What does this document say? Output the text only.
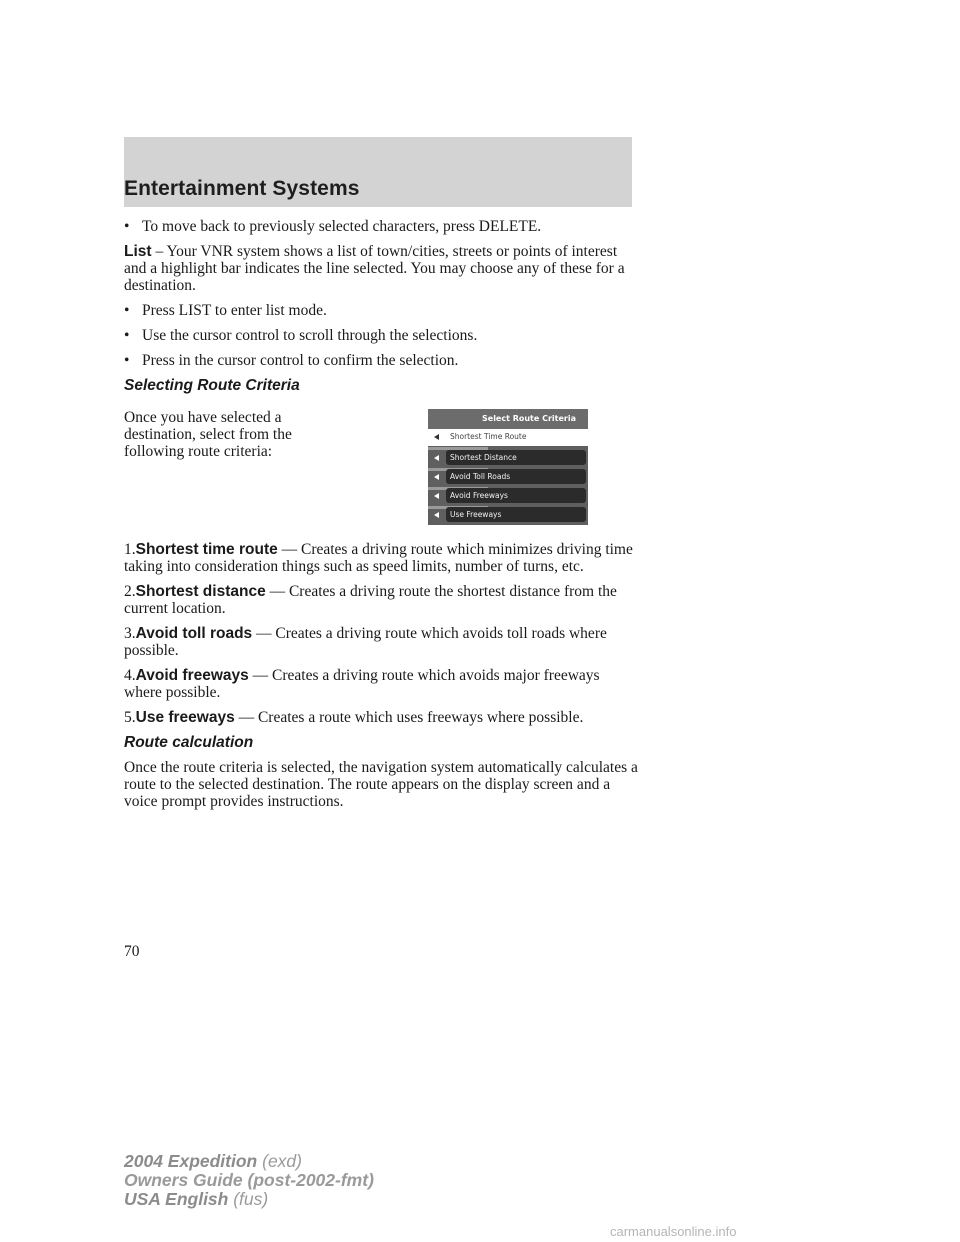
Entertainment Systems
• To move back to previously selected characters, press DELETE.
List – Your VNR system shows a list of town/cities, streets or points of interest and a highlight bar indicates the line selected. You may choose any of these for a destination.
• Press LIST to enter list mode.
• Use the cursor control to scroll through the selections.
• Press in the cursor control to confirm the selection.
Selecting Route Criteria
Once you have selected a destination, select from the following route criteria:
Select Route Criteria
Shortest Time Route
Shortest Distance
Avoid Toll Roads
Avoid Freeways
Use Freeways
1.Shortest time route — Creates a driving route which minimizes driving time taking into consideration things such as speed limits, number of turns, etc.
2.Shortest distance — Creates a driving route the shortest distance from the current location.
3.Avoid toll roads — Creates a driving route which avoids toll roads where possible.
4.Avoid freeways — Creates a driving route which avoids major freeways where possible.
5.Use freeways — Creates a route which uses freeways where possible.
Route calculation
Once the route criteria is selected, the navigation system automatically calculates a route to the selected destination. The route appears on the display screen and a voice prompt provides instructions.
70
2004 Expedition (exd)
Owners Guide (post-2002-fmt)
USA English (fus)
carmanualsonline.info
